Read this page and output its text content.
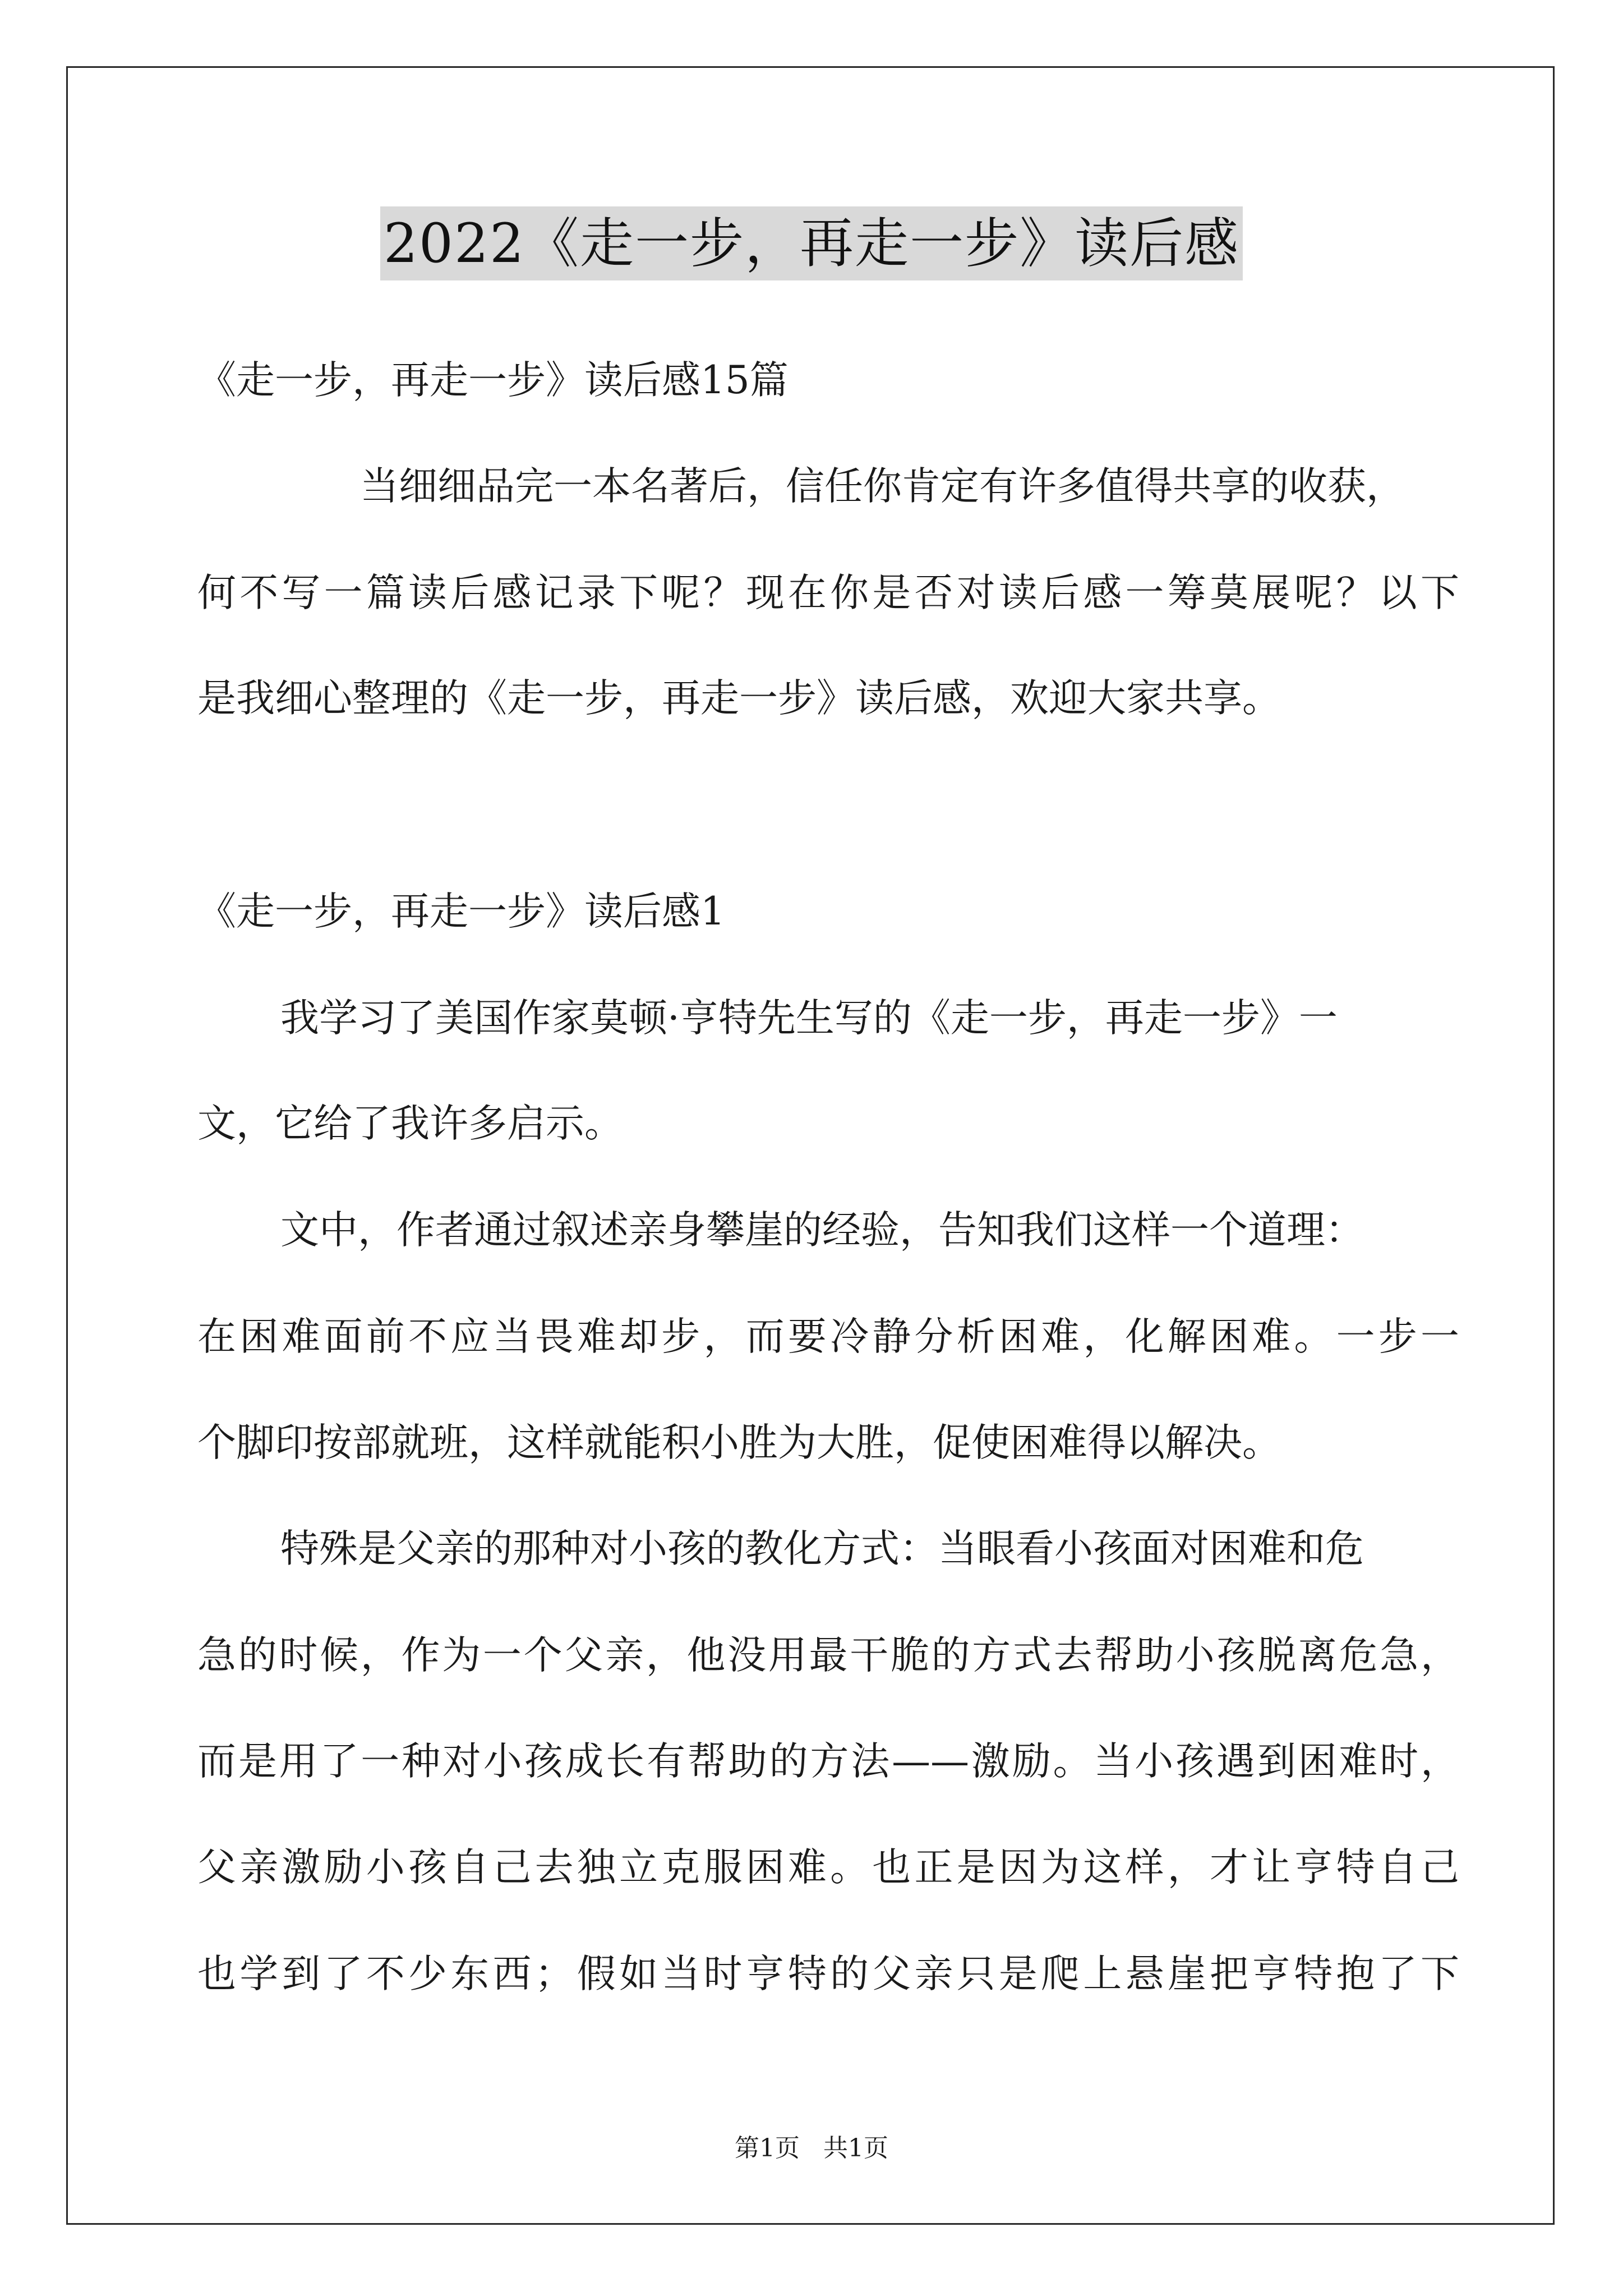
2022《走一步，再走一步》读后感
《走一步，再走一步》读后感15篇
当细细品完一本名著后，信任你肯定有许多值得共享的收获，
何不写一篇读后感记录下呢？现在你是否对读后感一筹莫展呢？以下
是我细心整理的《走一步，再走一步》读后感，欢迎大家共享。
《走一步，再走一步》读后感1
我学习了美国作家莫顿·亨特先生写的《走一步，再走一步》一
文，它给了我许多启示。
文中，作者通过叙述亲身攀崖的经验，告知我们这样一个道理：
在困难面前不应当畏难却步，而要冷静分析困难，化解困难。一步一
个脚印按部就班，这样就能积小胜为大胜，促使困难得以解决。
特殊是父亲的那种对小孩的教化方式：当眼看小孩面对困难和危
急的时候，作为一个父亲，他没用最干脆的方式去帮助小孩脱离危急，
而是用了一种对小孩成长有帮助的方法——激励。当小孩遇到困难时，
父亲激励小孩自己去独立克服困难。也正是因为这样，才让亨特自己
也学到了不少东西；假如当时亨特的父亲只是爬上悬崖把亨特抱了下
第1页   共1页
